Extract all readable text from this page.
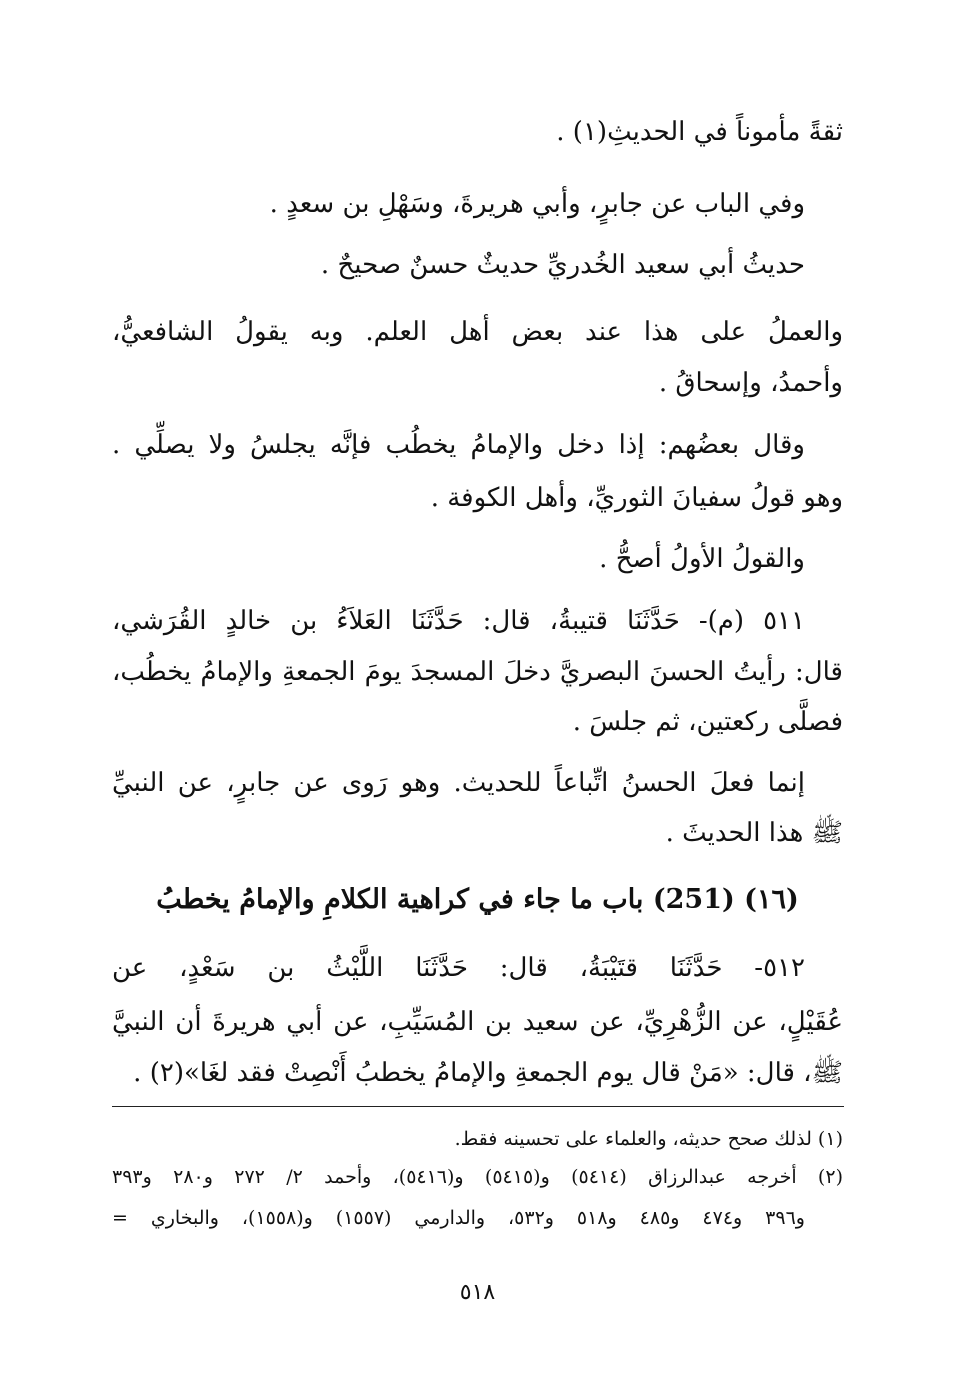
ثقةً مأموناً في الحديثِ(١) .
وفي الباب عن جابرٍ، وأبي هريرةَ، وسَهْلِ بن سعدٍ .
حديثُ أبي سعيد الخُدريِّ حديثٌ حسنٌ صحيحٌ .
والعملُ على هذا عند بعض أهل العلم. وبه يقولُ الشافعيُّ،
وأحمدُ، وإسحاقُ .
وقال بعضُهم: إذا دخل والإمامُ يخطُب فإنَّه يجلسُ ولا يصلِّي .
وهو قولُ سفيانَ الثوريِّ، وأهل الكوفة .
والقولُ الأولُ أصحُّ .
٥١١ (م)- حَدَّثَنَا قتيبةُ، قال: حَدَّثَنَا العَلاَءُ بن خالدٍ القُرَشي،
قال: رأيتُ الحسنَ البصريَّ دخلَ المسجدَ يومَ الجمعةِ والإمامُ يخطُب،
فصلَّى ركعتين، ثم جلسَ .
إنما فعلَ الحسنُ اتِّباعاً للحديث. وهو رَوى عن جابرٍ، عن النبيِّ
ﷺ هذا الحديثَ .
(١٦) (251) باب ما جاء في كراهية الكلامِ والإمامُ يخطبُ
٥١٢- حَدَّثَنَا قتَيْبَةُ، قال: حَدَّثَنَا اللَّيْثُ بن سَعْدٍ، عن
عُقَيْلٍ، عن الزُّهْرِيِّ، عن سعيد بن المُسَيِّبِ، عن أبي هريرةَ أن النبيَّ
ﷺ، قال: «مَنْ قال يوم الجمعةِ والإمامُ يخطبُ أَنْصِتْ فقد لغَا»(٢) .
(١) لذلك صحح حديثه، والعلماء على تحسينه فقط.
(٢) أخرجه عبدالرزاق (٥٤١٤) و(٥٤١٥) و(٥٤١٦)، وأحمد ٢/ ٢٧٢ و٢٨٠ و٣٩٣
و٣٩٦ و٤٧٤ و٤٨٥ و٥١٨ و٥٣٢، والدارمي (١٥٥٧) و(١٥٥٨)، والبخاري =
٥١٨
